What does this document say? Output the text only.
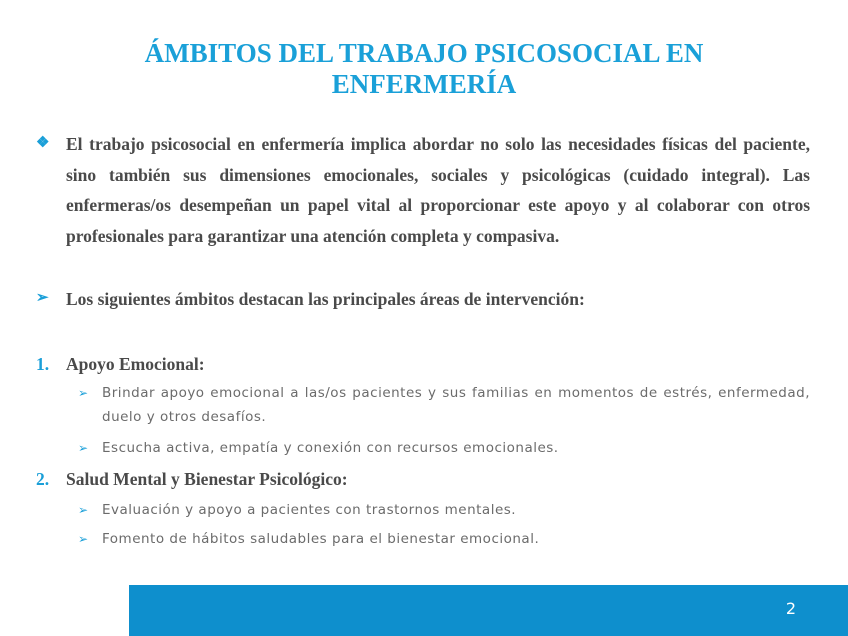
ÁMBITOS DEL TRABAJO PSICOSOCIAL EN ENFERMERÍA
❖ El trabajo psicosocial en enfermería implica abordar no solo las necesidades físicas del paciente, sino también sus dimensiones emocionales, sociales y psicológicas (cuidado integral). Las enfermeras/os desempeñan un papel vital al proporcionar este apoyo y al colaborar con otros profesionales para garantizar una atención completa y compasiva.
➢ Los siguientes ámbitos destacan las principales áreas de intervención:
1. Apoyo Emocional:
➢ Brindar apoyo emocional a las/os pacientes y sus familias en momentos de estrés, enfermedad, duelo y otros desafíos.
➢ Escucha activa, empatía y conexión con recursos emocionales.
2. Salud Mental y Bienestar Psicológico:
➢ Evaluación y apoyo a pacientes con trastornos mentales.
➢ Fomento de hábitos saludables para el bienestar emocional.
2
